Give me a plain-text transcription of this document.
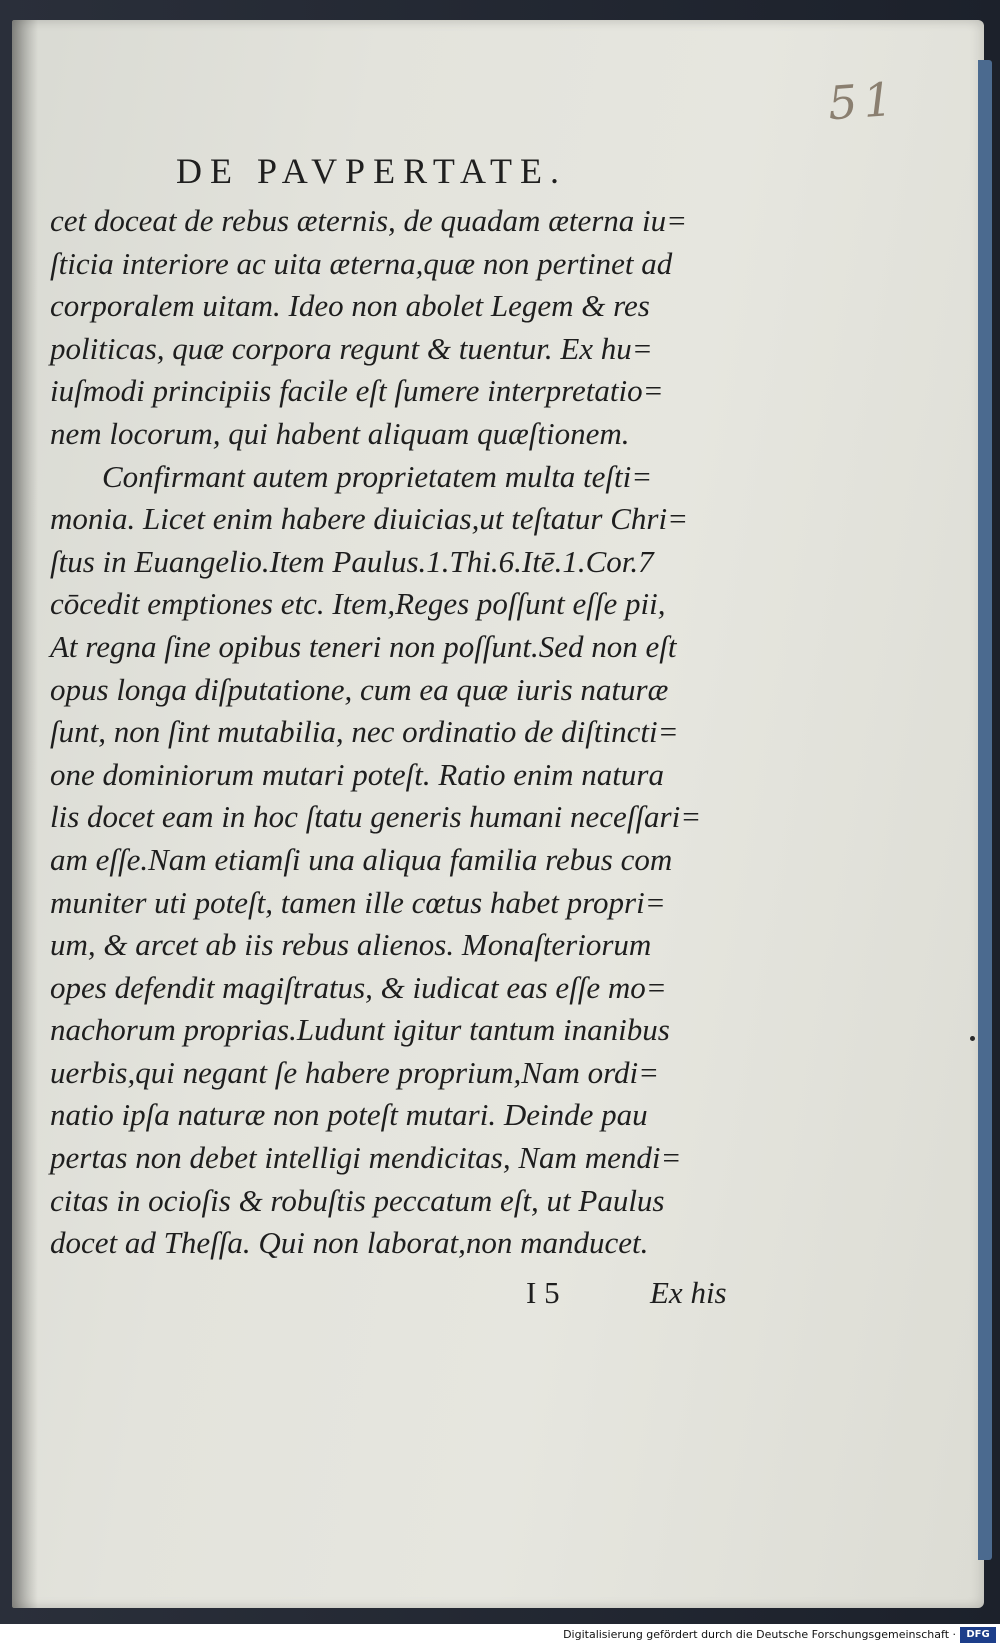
51
DE PAVPERTATE.
cet doceat de rebus æternis, de quadam æterna iu=
ſticia interiore ac uita æterna,quæ non pertinet ad
corporalem uitam. Ideo non abolet Legem & res
politicas, quæ corpora regunt & tuentur. Ex hu=
iuſmodi principiis facile eſt ſumere interpretatio=
nem locorum, qui habent aliquam quæſtionem.
Confirmant autem proprietatem multa teſti=
monia. Licet enim habere diuicias,ut teſtatur Chri=
ſtus in Euangelio.Item Paulus.1.Thi.6.Itē.1.Cor.7
cōcedit emptiones etc. Item,Reges poſſunt eſſe pii,
At regna ſine opibus teneri non poſſunt.Sed non eſt
opus longa diſputatione, cum ea quæ iuris naturæ
ſunt, non ſint mutabilia, nec ordinatio de diſtincti=
one dominiorum mutari poteſt. Ratio enim natura
lis docet eam in hoc ſtatu generis humani neceſſari=
am eſſe.Nam etiamſi una aliqua familia rebus com
muniter uti poteſt, tamen ille cœtus habet propri=
um, & arcet ab iis rebus alienos. Monaſteriorum
opes defendit magiſtratus, & iudicat eas eſſe mo=
nachorum proprias.Ludunt igitur tantum inanibus
uerbis,qui negant ſe habere proprium,Nam ordi=
natio ipſa naturæ non poteſt mutari. Deinde pau
pertas non debet intelligi mendicitas, Nam mendi=
citas in ocioſis & robuſtis peccatum eſt, ut Paulus
docet ad Theſſa. Qui non laborat,non manducet.
I 5	Ex his
Digitalisierung gefördert durch die Deutsche Forschungsgemeinschaft ·	DFG
